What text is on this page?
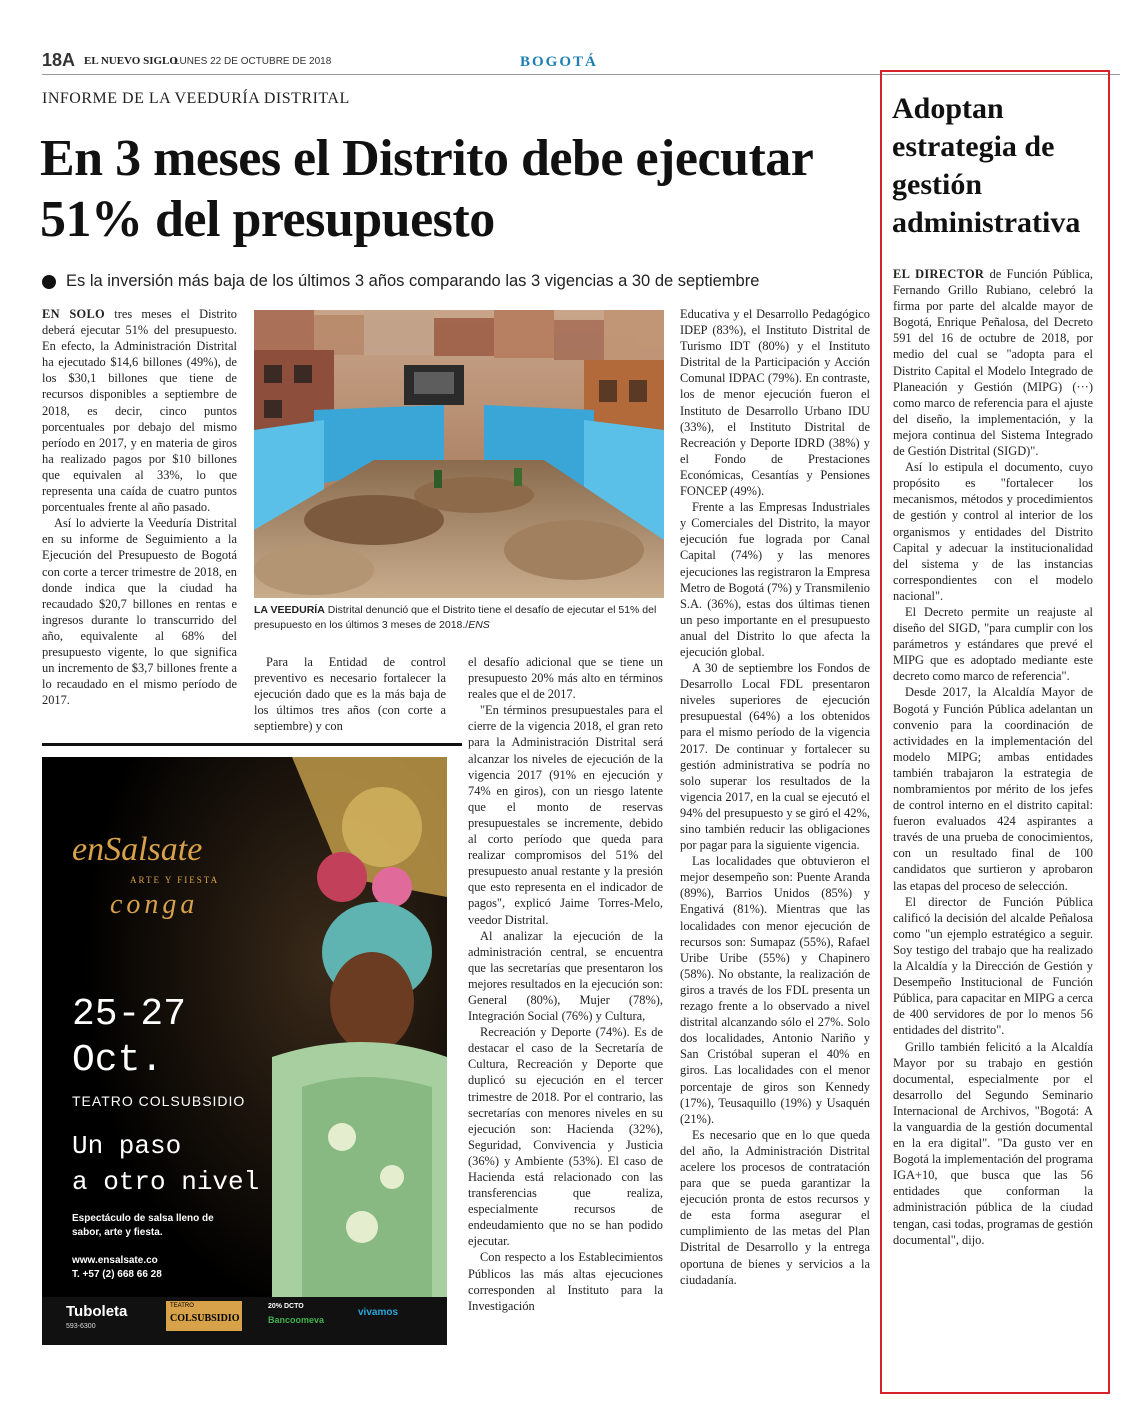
18A EL NUEVO SIGLO
LUNES 22 DE OCTUBRE DE 2018	BOGOTÁ
INFORME DE LA VEEDURÍA DISTRITAL
En 3 meses el Distrito debe ejecutar 51% del presupuesto
Es la inversión más baja de los últimos 3 años comparando las 3 vigencias a 30 de septiembre

EN SOLO tres meses el Distrito deberá ejecutar 51% del presupuesto. En efecto, la Administración Distrital ha ejecutado $14,6 billones (49%), de los $30,1 billones que tiene de recursos disponibles a septiembre de 2018, es decir, cinco puntos porcentuales por debajo del mismo período en 2017, y en materia de giros ha realizado pagos por $10 billones que equivalen al 33%, lo que representa una caída de cuatro puntos porcentuales frente al año pasado.

Así lo advierte la Veeduría Distrital en su informe de Seguimiento a la Ejecución del Presupuesto de Bogotá con corte a tercer trimestre de 2018, en donde indica que la ciudad ha recaudado $20,7 billones en rentas e ingresos durante lo transcurrido del año, equivalente al 68% del presupuesto vigente, lo que significa un incremento de $3,7 billones frente a lo recaudado en el mismo período de 2017.

LA VEEDURÍA Distrital denunció que el Distrito tiene el desafío de ejecutar el 51% del presupuesto en los últimos 3 meses de 2018./ENS

Para la Entidad de control preventivo es necesario fortalecer la ejecución dado que es la más baja de los últimos tres años (con corte a septiembre) y con

el desafío adicional que se tiene un presupuesto 20% más alto en términos reales que el de 2017.

"En términos presupuestales para el cierre de la vigencia 2018, el gran reto para la Administración Distrital será alcanzar los niveles de ejecución de la vigencia 2017 (91% en ejecución y 74% en giros), con un riesgo latente que el monto de reservas presupuestales se incremente, debido al corto período que queda para realizar compromisos del 51% del presupuesto anual restante y la presión que esto representa en el indicador de pagos", explicó Jaime Torres-Melo, veedor Distrital.

Al analizar la ejecución de la administración central, se encuentra que las secretarías que presentaron los mejores resultados en la ejecución son: General (80%), Mujer (78%), Integración Social (76%) y Cultura,

Recreación y Deporte (74%). Es de destacar el caso de la Secretaría de Cultura, Recreación y Deporte que duplicó su ejecución en el tercer trimestre de 2018. Por el contrario, las secretarías con menores niveles en su ejecución son: Hacienda (32%), Seguridad, Convivencia y Justicia (36%) y Ambiente (53%). El caso de Hacienda está relacionado con las transferencias que realiza, especialmente recursos de endeudamiento que no se han podido ejecutar.

Con respecto a los Establecimientos Públicos las más altas ejecuciones corresponden al Instituto para la Investigación

Educativa y el Desarrollo Pedagógico IDEP (83%), el Instituto Distrital de Turismo IDT (80%) y el Instituto Distrital de la Participación y Acción Comunal IDPAC (79%). En contraste, los de menor ejecución fueron el Instituto de Desarrollo Urbano IDU (33%), el Instituto Distrital de Recreación y Deporte IDRD (38%) y el Fondo de Prestaciones Económicas, Cesantías y Pensiones FONCEP (49%).

Frente a las Empresas Industriales y Comerciales del Distrito, la mayor ejecución fue lograda por Canal Capital (74%) y las menores ejecuciones las registraron la Empresa Metro de Bogotá (7%) y Transmilenio S.A. (36%), estas dos últimas tienen un peso importante en el presupuesto anual del Distrito lo que afecta la ejecución global.

A 30 de septiembre los Fondos de Desarrollo Local FDL presentaron niveles superiores de ejecución presupuestal (64%) a los obtenidos para el mismo período de la vigencia 2017. De continuar y fortalecer su gestión administrativa se podría no solo superar los resultados de la vigencia 2017, en la cual se ejecutó el 94% del presupuesto y se giró el 42%, sino también reducir las obligaciones por pagar para la siguiente vigencia.

Las localidades que obtuvieron el mejor desempeño son: Puente Aranda (89%), Barrios Unidos (85%) y Engativá (81%). Mientras que las localidades con menor ejecución de recursos son: Sumapaz (55%), Rafael Uribe Uribe (55%) y Chapinero (58%). No obstante, la realización de giros a través de los FDL presenta un rezago frente a lo observado a nivel distrital alcanzando sólo el 27%. Solo dos localidades, Antonio Nariño y San Cristóbal superan el 40% en giros. Las localidades con el menor porcentaje de giros son Kennedy (17%), Teusaquillo (19%) y Usaquén (21%).

Es necesario que en lo que queda del año, la Administración Distrital acelere los procesos de contratación para que se pueda garantizar la ejecución pronta de estos recursos y de esta forma asegurar el cumplimiento de las metas del Plan Distrital de Desarrollo y la entrega oportuna de bienes y servicios a la ciudadanía.

enSalsate
ARTE Y FIESTA
conga
25-27
Oct.
TEATRO COLSUBSIDIO
Un paso
a otro nivel
Espectáculo de salsa lleno de
sabor, arte y fiesta.
www.ensalsate.co
T. +57 (2) 668 66 28
Tuboleta
593-6300
TEATRO
COLSUBSIDIO
20% DCTO
Bancoomeva
vivamos
Adoptan estrategia de gestión administrativa

EL DIRECTOR de Función Pública, Fernando Grillo Rubiano, celebró la firma por parte del alcalde mayor de Bogotá, Enrique Peñalosa, del Decreto 591 del 16 de octubre de 2018, por medio del cual se "adopta para el Distrito Capital el Modelo Integrado de Planeación y Gestión (MIPG) (···) como marco de referencia para el ajuste del diseño, la implementación, y la mejora continua del Sistema Integrado de Gestión Distrital (SIGD)".

Así lo estipula el documento, cuyo propósito es "fortalecer los mecanismos, métodos y procedimientos de gestión y control al interior de los organismos y entidades del Distrito Capital y adecuar la institucionalidad del sistema y de las instancias correspondientes con el modelo nacional".

El Decreto permite un reajuste al diseño del SIGD, "para cumplir con los parámetros y estándares que prevé el MIPG que es adoptado mediante este decreto como marco de referencia".

Desde 2017, la Alcaldía Mayor de Bogotá y Función Pública adelantan un convenio para la coordinación de actividades en la implementación del modelo MIPG; ambas entidades también trabajaron la estrategia de nombramientos por mérito de los jefes de control interno en el distrito capital: fueron evaluados 424 aspirantes a través de una prueba de conocimientos, con un resultado final de 100 candidatos que surtieron y aprobaron las etapas del proceso de selección.

El director de Función Pública calificó la decisión del alcalde Peñalosa como "un ejemplo estratégico a seguir. Soy testigo del trabajo que ha realizado la Alcaldía y la Dirección de Gestión y Desempeño Institucional de Función Pública, para capacitar en MIPG a cerca de 400 servidores de por lo menos 56 entidades del distrito".

Grillo también felicitó a la Alcaldía Mayor por su trabajo en gestión documental, especialmente por el desarrollo del Segundo Seminario Internacional de Archivos, "Bogotá: A la vanguardia de la gestión documental en la era digital". "Da gusto ver en Bogotá la implementación del programa IGA+10, que busca que las 56 entidades que conforman la administración pública de la ciudad tengan, casi todas, programas de gestión documental", dijo.
